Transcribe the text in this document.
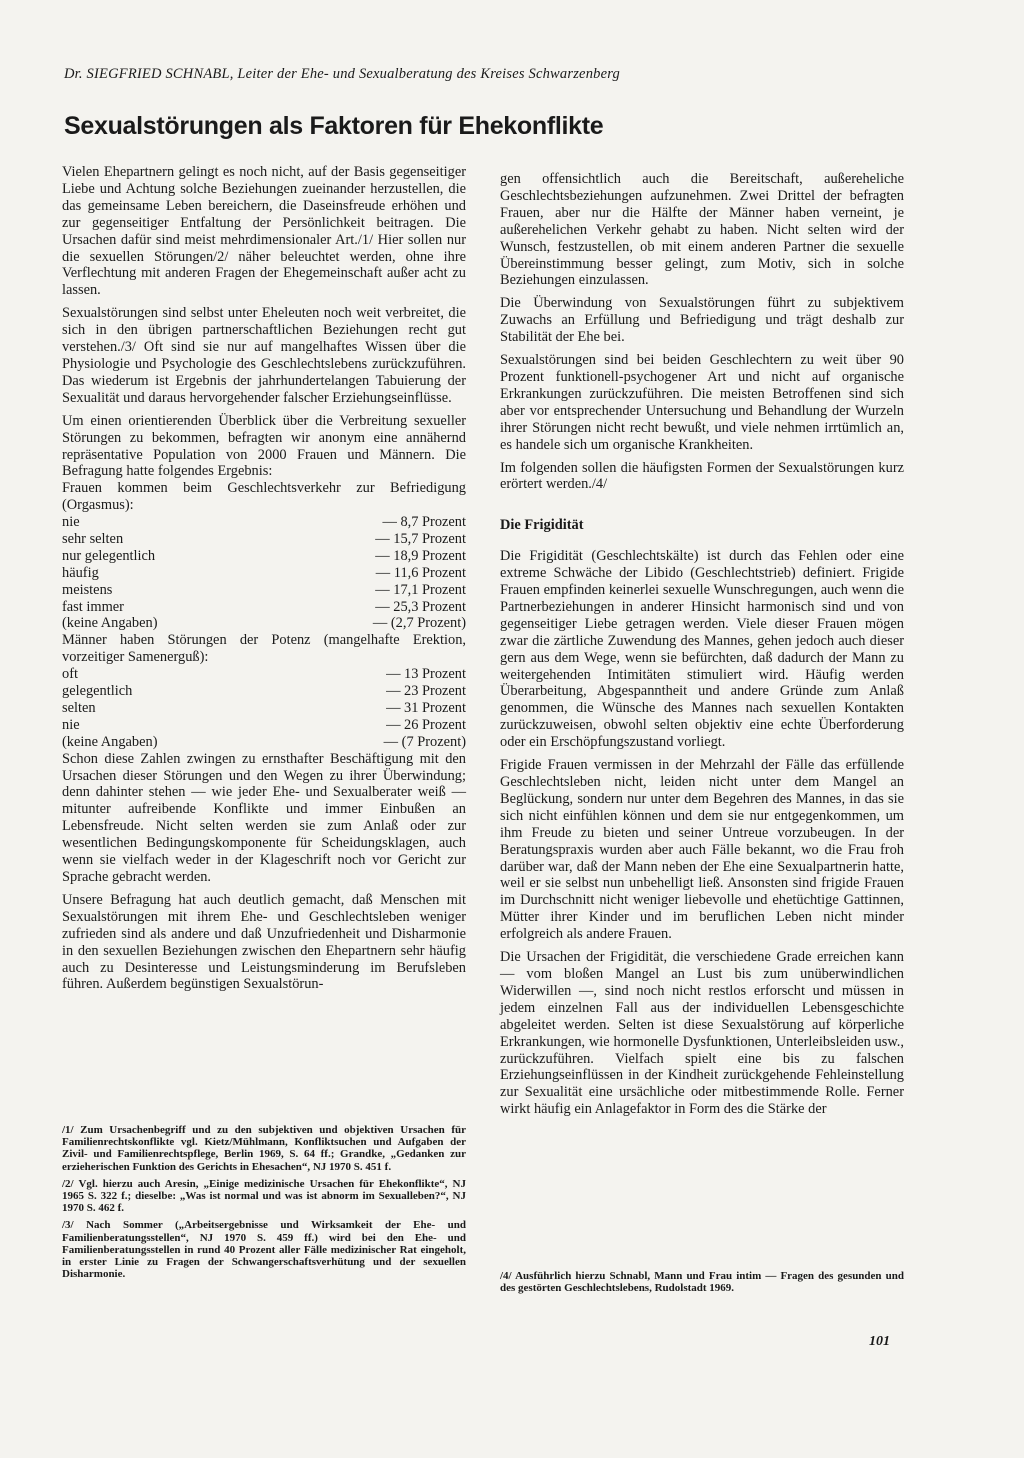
Dr. SIEGFRIED SCHNABL, Leiter der Ehe- und Sexualberatung des Kreises Schwarzenberg
Sexualstörungen als Faktoren für Ehekonflikte

Vielen Ehepartnern gelingt es noch nicht, auf der Basis gegenseitiger Liebe und Achtung solche Beziehungen zueinander herzustellen, die das gemeinsame Leben bereichern, die Daseinsfreude erhöhen und zur gegenseitiger Entfaltung der Persönlichkeit beitragen. Die Ursachen dafür sind meist mehrdimensionaler Art./1/ Hier sollen nur die sexuellen Störungen/2/ näher beleuchtet werden, ohne ihre Verflechtung mit anderen Fragen der Ehegemeinschaft außer acht zu lassen.

Sexualstörungen sind selbst unter Eheleuten noch weit verbreitet, die sich in den übrigen partnerschaftlichen Beziehungen recht gut verstehen./3/ Oft sind sie nur auf mangelhaftes Wissen über die Physiologie und Psychologie des Geschlechtslebens zurückzuführen. Das wiederum ist Ergebnis der jahrhundertelangen Tabuierung der Sexualität und daraus hervorgehender falscher Erziehungseinflüsse.

Um einen orientierenden Überblick über die Verbreitung sexueller Störungen zu bekommen, befragten wir anonym eine annähernd repräsentative Population von 2000 Frauen und Männern. Die Befragung hatte folgendes Ergebnis:

Frauen kommen beim Geschlechtsverkehr zur Befriedigung (Orgasmus):

nie	— 8,7 Prozent
sehr selten	— 15,7 Prozent
nur gelegentlich	— 18,9 Prozent
häufig	— 11,6 Prozent
meistens	— 17,1 Prozent
fast immer	— 25,3 Prozent
(keine Angaben)	— (2,7 Prozent)

Männer haben Störungen der Potenz (mangelhafte Erektion, vorzeitiger Samenerguß):

oft	— 13 Prozent
gelegentlich	— 23 Prozent
selten	— 31 Prozent
nie	— 26 Prozent
(keine Angaben)	— (7 Prozent)

Schon diese Zahlen zwingen zu ernsthafter Beschäftigung mit den Ursachen dieser Störungen und den Wegen zu ihrer Überwindung; denn dahinter stehen — wie jeder Ehe- und Sexualberater weiß — mitunter aufreibende Konflikte und immer Einbußen an Lebensfreude. Nicht selten werden sie zum Anlaß oder zur wesentlichen Bedingungskomponente für Scheidungsklagen, auch wenn sie vielfach weder in der Klageschrift noch vor Gericht zur Sprache gebracht werden.

Unsere Befragung hat auch deutlich gemacht, daß Menschen mit Sexualstörungen mit ihrem Ehe- und Geschlechtsleben weniger zufrieden sind als andere und daß Unzufriedenheit und Disharmonie in den sexuellen Beziehungen zwischen den Ehepartnern sehr häufig auch zu Desinteresse und Leistungsminderung im Berufsleben führen. Außerdem begünstigen Sexualstörun-

/1/ Zum Ursachenbegriff und zu den subjektiven und objektiven Ursachen für Familienrechtskonflikte vgl. Kietz/Mühlmann, Konfliktsuchen und Aufgaben der Zivil- und Familienrechtspflege, Berlin 1969, S. 64 ff.; Grandke, „Gedanken zur erzieherischen Funktion des Gerichts in Ehesachen“, NJ 1970 S. 451 f.

/2/ Vgl. hierzu auch Aresin, „Einige medizinische Ursachen für Ehekonflikte“, NJ 1965 S. 322 f.; dieselbe: „Was ist normal und was ist abnorm im Sexualleben?“, NJ 1970 S. 462 f.

/3/ Nach Sommer („Arbeitsergebnisse und Wirksamkeit der Ehe- und Familienberatungsstellen“, NJ 1970 S. 459 ff.) wird bei den Ehe- und Familienberatungsstellen in rund 40 Prozent aller Fälle medizinischer Rat eingeholt, in erster Linie zu Fragen der Schwangerschaftsverhütung und der sexuellen Disharmonie.

gen offensichtlich auch die Bereitschaft, außereheliche Geschlechtsbeziehungen aufzunehmen. Zwei Drittel der befragten Frauen, aber nur die Hälfte der Männer haben verneint, je außerehelichen Verkehr gehabt zu haben. Nicht selten wird der Wunsch, festzustellen, ob mit einem anderen Partner die sexuelle Übereinstimmung besser gelingt, zum Motiv, sich in solche Beziehungen einzulassen.

Die Überwindung von Sexualstörungen führt zu subjektivem Zuwachs an Erfüllung und Befriedigung und trägt deshalb zur Stabilität der Ehe bei.

Sexualstörungen sind bei beiden Geschlechtern zu weit über 90 Prozent funktionell-psychogener Art und nicht auf organische Erkrankungen zurückzuführen. Die meisten Betroffenen sind sich aber vor entsprechender Untersuchung und Behandlung der Wurzeln ihrer Störungen nicht recht bewußt, und viele nehmen irrtümlich an, es handele sich um organische Krankheiten.

Im folgenden sollen die häufigsten Formen der Sexualstörungen kurz erörtert werden./4/

Die Frigidität

Die Frigidität (Geschlechtskälte) ist durch das Fehlen oder eine extreme Schwäche der Libido (Geschlechtstrieb) definiert. Frigide Frauen empfinden keinerlei sexuelle Wunschregungen, auch wenn die Partnerbeziehungen in anderer Hinsicht harmonisch sind und von gegenseitiger Liebe getragen werden. Viele dieser Frauen mögen zwar die zärtliche Zuwendung des Mannes, gehen jedoch auch dieser gern aus dem Wege, wenn sie befürchten, daß dadurch der Mann zu weitergehenden Intimitäten stimuliert wird. Häufig werden Überarbeitung, Abgespanntheit und andere Gründe zum Anlaß genommen, die Wünsche des Mannes nach sexuellen Kontakten zurückzuweisen, obwohl selten objektiv eine echte Überforderung oder ein Erschöpfungszustand vorliegt.

Frigide Frauen vermissen in der Mehrzahl der Fälle das erfüllende Geschlechtsleben nicht, leiden nicht unter dem Mangel an Beglückung, sondern nur unter dem Begehren des Mannes, in das sie sich nicht einfühlen können und dem sie nur entgegenkommen, um ihm Freude zu bieten und seiner Untreue vorzubeugen. In der Beratungspraxis wurden aber auch Fälle bekannt, wo die Frau froh darüber war, daß der Mann neben der Ehe eine Sexualpartnerin hatte, weil er sie selbst nun unbehelligt ließ. Ansonsten sind frigide Frauen im Durchschnitt nicht weniger liebevolle und ehetüchtige Gattinnen, Mütter ihrer Kinder und im beruflichen Leben nicht minder erfolgreich als andere Frauen.

Die Ursachen der Frigidität, die verschiedene Grade erreichen kann — vom bloßen Mangel an Lust bis zum unüberwindlichen Widerwillen —, sind noch nicht restlos erforscht und müssen in jedem einzelnen Fall aus der individuellen Lebensgeschichte abgeleitet werden. Selten ist diese Sexualstörung auf körperliche Erkrankungen, wie hormonelle Dysfunktionen, Unterleibsleiden usw., zurückzuführen. Vielfach spielt eine bis zu falschen Erziehungseinflüssen in der Kindheit zurückgehende Fehleinstellung zur Sexualität eine ursächliche oder mitbestimmende Rolle. Ferner wirkt häufig ein Anlagefaktor in Form des die Stärke der

/4/ Ausführlich hierzu Schnabl, Mann und Frau intim — Fragen des gesunden und des gestörten Geschlechtslebens, Rudolstadt 1969.

101
